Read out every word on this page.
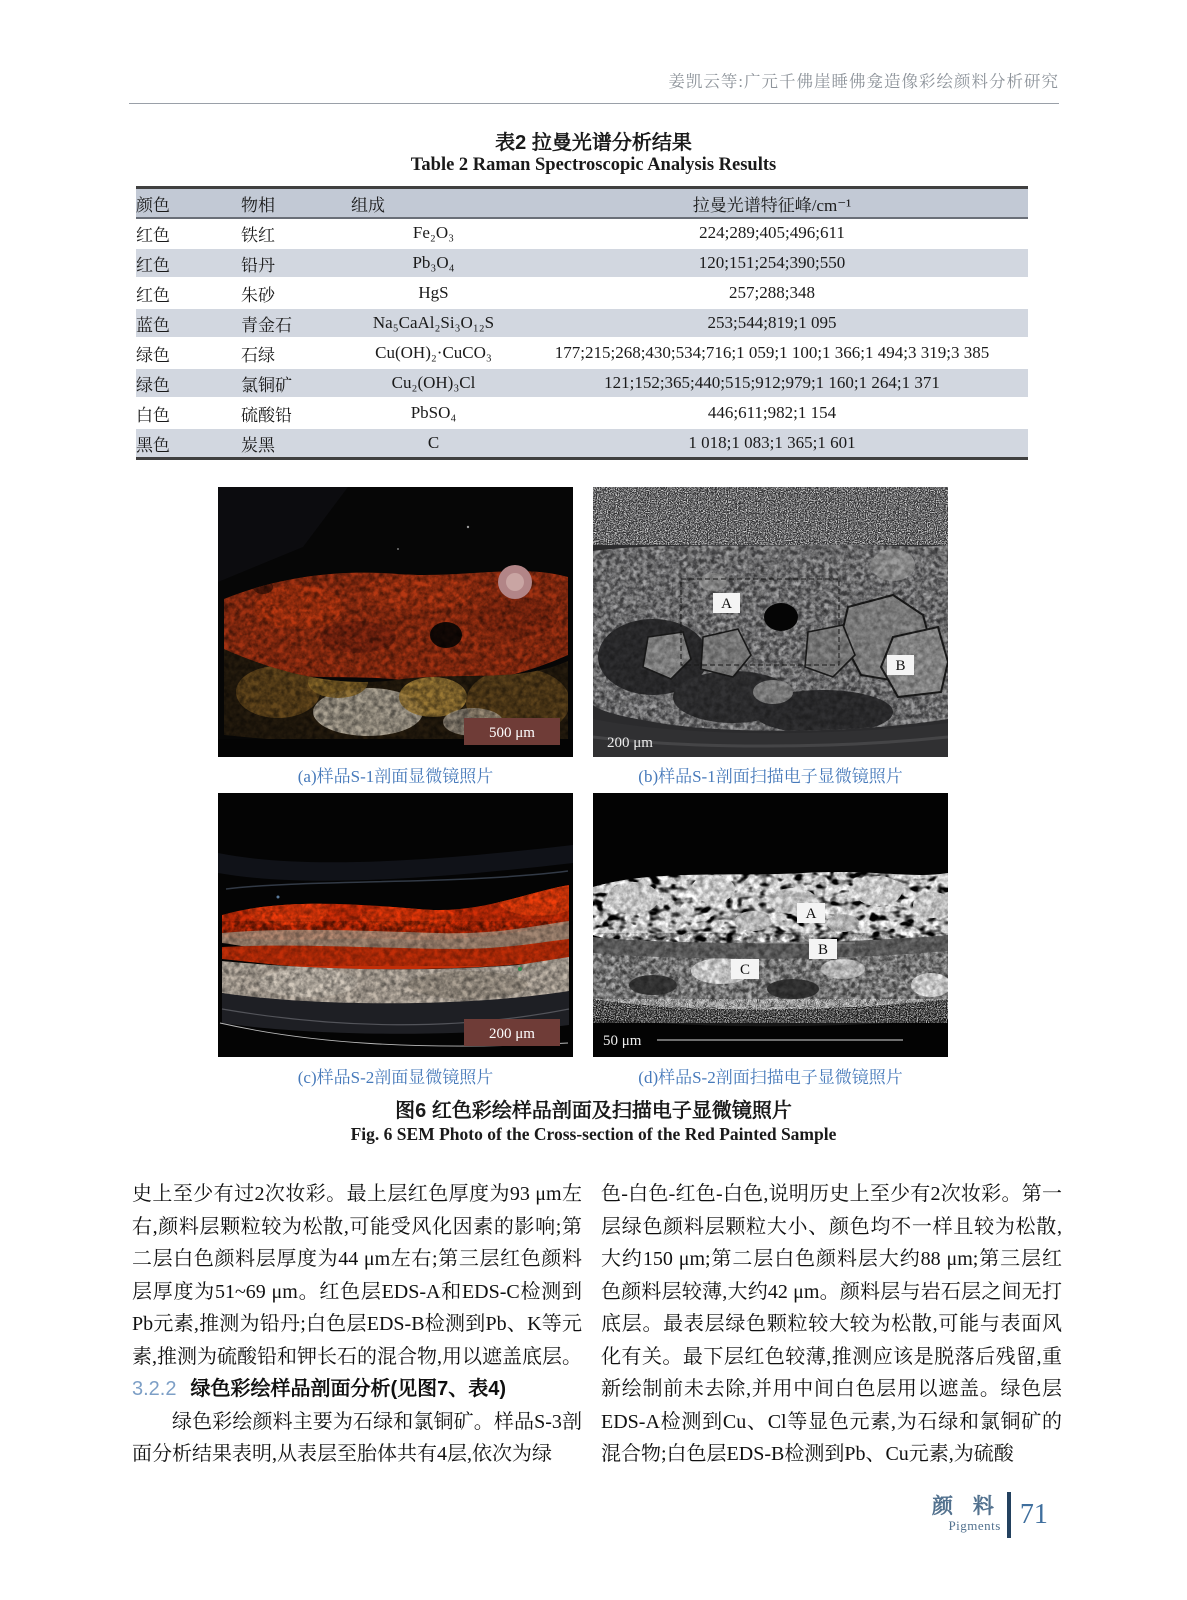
姜凯云等:广元千佛崖睡佛龛造像彩绘颜料分析研究
表2 拉曼光谱分析结果
Table 2 Raman Spectroscopic Analysis Results
颜色	物相	组成	拉曼光谱特征峰/cm⁻¹
红色	铁红	Fe₂O₃	224;289;405;496;611
红色	铅丹	Pb₃O₄	120;151;254;390;550
红色	朱砂	HgS	257;288;348
蓝色	青金石	Na₅CaAl₂Si₃O₁₂S	253;544;819;1 095
绿色	石绿	Cu(OH)₂·CuCO₃	177;215;268;430;534;716;1 059;1 100;1 366;1 494;3 319;3 385
绿色	氯铜矿	Cu₂(OH)₃Cl	121;152;365;440;515;912;979;1 160;1 264;1 371
白色	硫酸铅	PbSO₄	446;611;982;1 154
黑色	炭黑	C	1 018;1 083;1 365;1 601
500 μm
A
B
200 μm
(a)样品S-1剖面显微镜照片	(b)样品S-1剖面扫描电子显微镜照片
200 μm
A
B
C
50 μm
(c)样品S-2剖面显微镜照片	(d)样品S-2剖面扫描电子显微镜照片
图6 红色彩绘样品剖面及扫描电子显微镜照片
Fig. 6 SEM Photo of the Cross-section of the Red Painted Sample

史上至少有过2次妆彩。最上层红色厚度为93 μm左右,颜料层颗粒较为松散,可能受风化因素的影响;第二层白色颜料层厚度为44 μm左右;第三层红色颜料层厚度为51~69 μm。红色层EDS-A和EDS-C检测到Pb元素,推测为铅丹;白色层EDS-B检测到Pb、K等元素,推测为硫酸铅和钾长石的混合物,用以遮盖底层。

3.2.2 绿色彩绘样品剖面分析(见图7、表4)

绿色彩绘颜料主要为石绿和氯铜矿。样品S-3剖面分析结果表明,从表层至胎体共有4层,依次为绿

色-白色-红色-白色,说明历史上至少有2次妆彩。第一层绿色颜料层颗粒大小、颜色均不一样且较为松散,大约150 μm;第二层白色颜料层大约88 μm;第三层红色颜料层较薄,大约42 μm。颜料层与岩石层之间无打底层。最表层绿色颗粒较大较为松散,可能与表面风化有关。最下层红色较薄,推测应该是脱落后残留,重新绘制前未去除,并用中间白色层用以遮盖。绿色层EDS-A检测到Cu、Cl等显色元素,为石绿和氯铜矿的混合物;白色层EDS-B检测到Pb、Cu元素,为硫酸

颜 料
Pigments 71
